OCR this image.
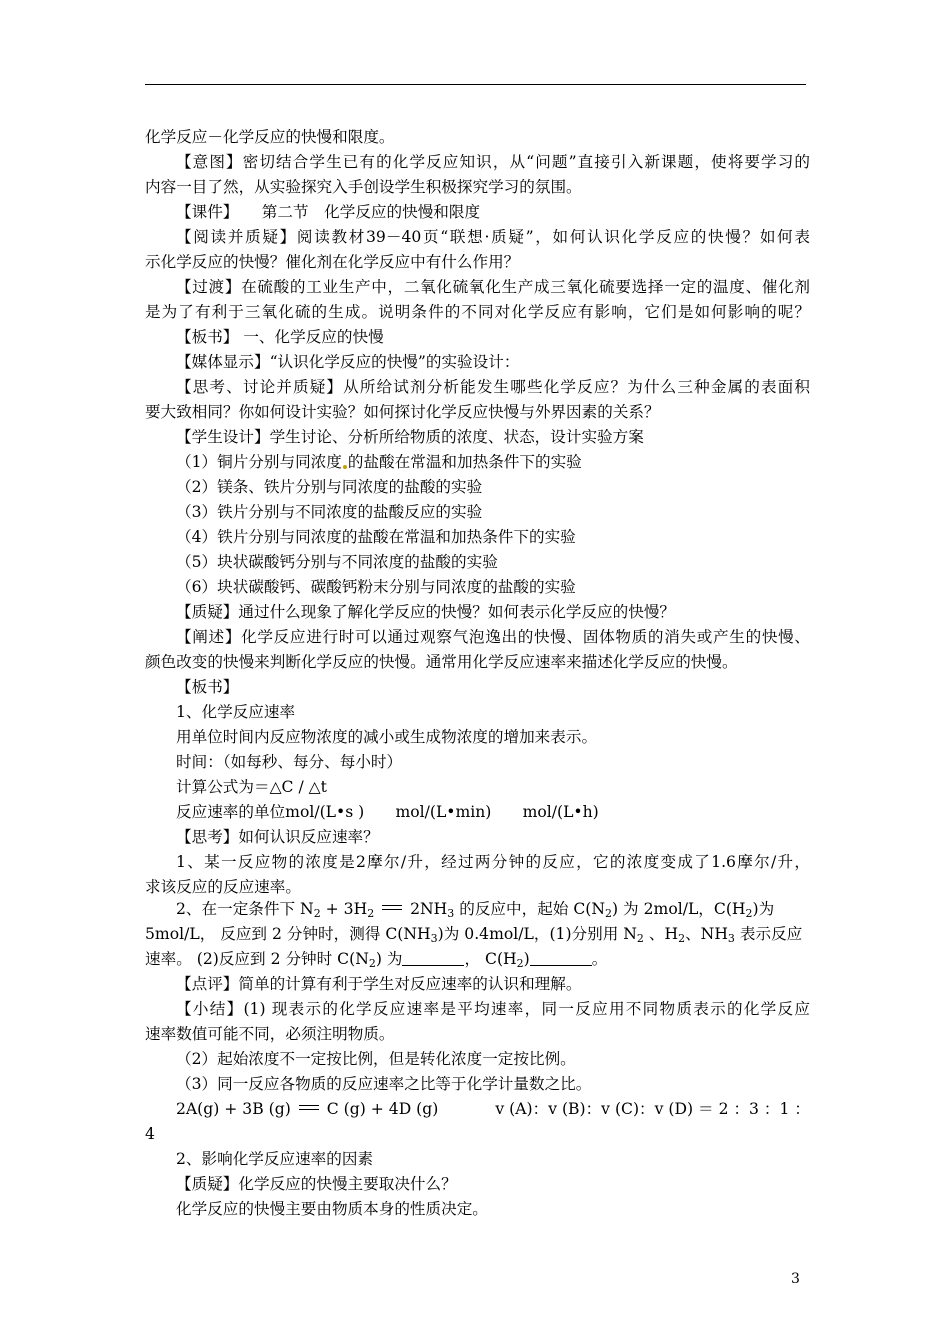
化学反应－化学反应的快慢和限度。
【意图】密切结合学生已有的化学反应知识，从“问题”直接引入新课题，使将要学习的
内容一目了然，从实验探究入手创设学生积极探究学习的氛围。
【课件】　　第二节　化学反应的快慢和限度
【阅读并质疑】阅读教材39－40页“联想·质疑”，如何认识化学反应的快慢？如何表
示化学反应的快慢？催化剂在化学反应中有什么作用？
【过渡】在硫酸的工业生产中，二氧化硫氧化生产成三氧化硫要选择一定的温度、催化剂
是为了有利于三氧化硫的生成。说明条件的不同对化学反应有影响，它们是如何影响的呢？
【板书】 一、化学反应的快慢
【媒体显示】“认识化学反应的快慢”的实验设计：
【思考、讨论并质疑】从所给试剂分析能发生哪些化学反应？为什么三种金属的表面积
要大致相同？你如何设计实验？如何探讨化学反应快慢与外界因素的关系？
【学生设计】学生讨论、分析所给物质的浓度、状态，设计实验方案
（1）铜片分别与同浓度 的盐酸在常温和加热条件下的实验
（2）镁条、铁片分别与同浓度的盐酸的实验
（3）铁片分别与不同浓度的盐酸反应的实验
（4）铁片分别与同浓度的盐酸在常温和加热条件下的实验
（5）块状碳酸钙分别与不同浓度的盐酸的实验
（6）块状碳酸钙、碳酸钙粉末分别与同浓度的盐酸的实验
【质疑】通过什么现象了解化学反应的快慢？如何表示化学反应的快慢？
【阐述】化学反应进行时可以通过观察气泡逸出的快慢、固体物质的消失或产生的快慢、
颜色改变的快慢来判断化学反应的快慢。通常用化学反应速率来描述化学反应的快慢。
【板书】
1、化学反应速率
用单位时间内反应物浓度的减小或生成物浓度的增加来表示。
时间：（如每秒、每分、每小时）
计算公式为＝△C / △t
反应速率的单位mol/(L•s )　　mol/(L•min)　　mol/(L•h)
【思考】如何认识反应速率？
1、某一反应物的浓度是2摩尔/升，经过两分钟的反应，它的浓度变成了1.6摩尔/升，
求该反应的反应速率。
2、在一定条件下 $N_2 + 3H_2$  $2NH_3$ 的反应中，起始 $C(N_2)$ 为 2mol/L，$C(H_2)$为
5mol/L， 反应到 2 分钟时，测得 $C(NH_3)$为 0.4mol/L，(1)分别用 $N_2$ 、$H_2$、$NH_3$ 表示反应
速率。 (2)反应到 2 分钟时 $C(N_2)$ 为	， $C(H_2)$	。
【点评】简单的计算有利于学生对反应速率的认识和理解。
【小结】(1) 现表示的化学反应速率是平均速率，同一反应用不同物质表示的化学反应
速率数值可能不同，必须注明物质。
（2）起始浓度不一定按比例，但是转化浓度一定按比例。
（3）同一反应各物质的反应速率之比等于化学计量数之比。
2A(g) + 3B (g) C (g) + 4D (g)	v (A)：v (B)：v (C)：v (D) ＝ 2 ：3 ：1 ：
4
2、影响化学反应速率的因素
【质疑】化学反应的快慢主要取决什么？
化学反应的快慢主要由物质本身的性质决定。
3
